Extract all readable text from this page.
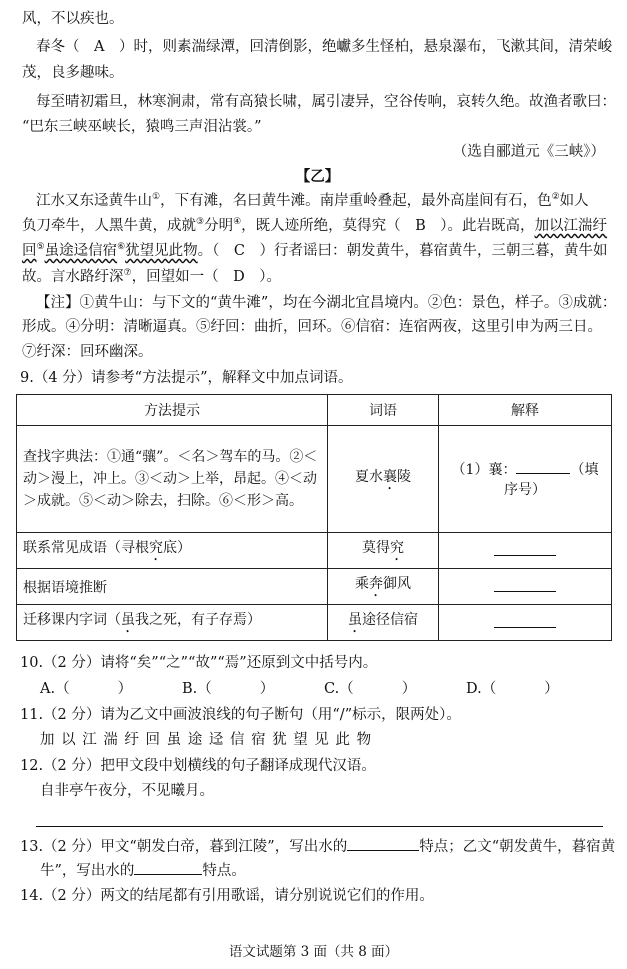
风，不以疾也。
春冬（　A　）时，则素湍绿潭，回清倒影，绝巘多生怪柏，悬泉瀑布，飞漱其间，清荣峻
茂，良多趣味。
每至晴初霜旦，林寒涧肃，常有高猿长啸，属引凄异，空谷传响，哀转久绝。故渔者歌曰：
“巴东三峡巫峡长，猿鸣三声泪沾裳。”
（选自郦道元《三峡》）
【乙】
江水又东迳黄牛山①，下有滩，名曰黄牛滩。南岸重岭叠起，最外高崖间有石，色②如人
负刀牵牛，人黑牛黄，成就③分明④，既人迹所绝，莫得究（　B　）。此岩既高，加以江湍纡
回⑤虽途迳信宿⑥犹望见此物。（　C　）行者谣曰：朝发黄牛，暮宿黄牛，三朝三暮，黄牛如
故。言水路纡深⑦，回望如一（　D　）。
【注】①黄牛山：与下文的“黄牛滩”，均在今湖北宜昌境内。②色：景色，样子。③成就：
形成。④分明：清晰逼真。⑤纡回：曲折，回环。⑥信宿：连宿两夜，这里引申为两三日。
⑦纡深：回环幽深。
9.（4 分）请参考“方法提示”，解释文中加点词语。
方法提示	词语	解释
查找字典法：①通“骧”。＜名＞驾车的马。②＜动＞漫上，冲上。③＜动＞上举，昂起。④＜动＞成就。⑤＜动＞除去，扫除。⑥＜形＞高。	夏水襄陵	（1）襄： （填序号）
联系常见成语（寻根究底）	莫得究	
根据语境推断	乘奔御风	
迁移课内字词（虽我之死，有子存焉）	虽途径信宿	
10.（2 分）请将“矣”“之”“故”“焉”还原到文中括号内。
A.（	）	B.（	）	C.（	）	D.（	）
11.（2 分）请为乙文中画波浪线的句子断句（用“/”标示，限两处）。
加 以 江 湍 纡 回 虽 途 迳 信 宿 犹 望 见 此 物
12.（2 分）把甲文段中划横线的句子翻译成现代汉语。
自非亭午夜分，不见曦月。
13.（2 分）甲文“朝发白帝，暮到江陵”，写出水的	特点；乙文“朝发黄牛，暮宿黄
牛”，写出水的	特点。
14.（2 分）两文的结尾都有引用歌谣，请分别说说它们的作用。
语文试题第 3 面（共 8 面）
